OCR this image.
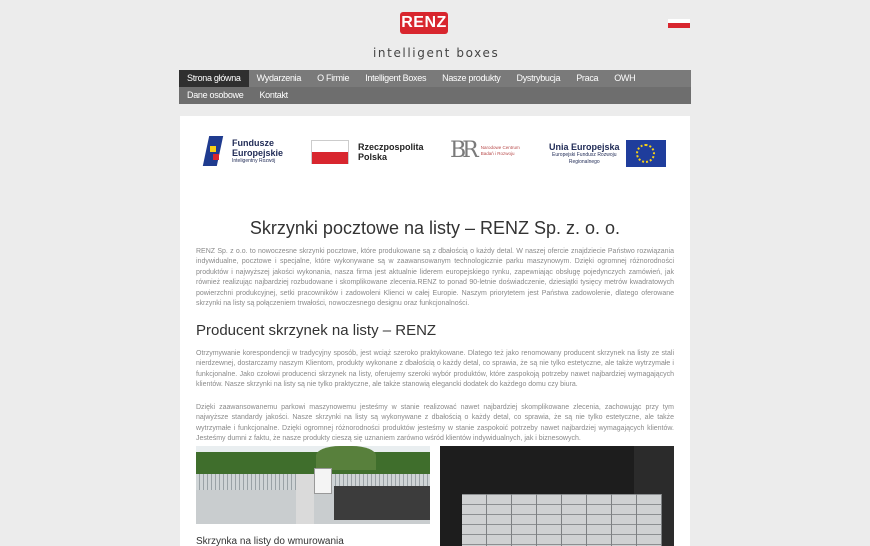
RENZ
intelligent boxes
Strona główna	Wydarzenia	O Firmie	Intelligent Boxes	Nasze produkty	Dystrybucja	Praca	OWH
Dane osobowe	Kontakt
Fundusze Europejskie
Inteligentny Rozwój
Rzeczpospolita Polska	BR Narodowe Centrum Badań i Rozwoju
Unia Europejska
Europejski Fundusz Rozwoju Regionalnego
Skrzynki pocztowe na listy – RENZ Sp. z. o. o.

RENZ Sp. z o.o. to nowoczesne skrzynki pocztowe, które produkowane są z dbałością o każdy detal. W naszej ofercie znajdziecie Państwo rozwiązania indywidualne, pocztowe i specjalne, które wykonywane są w zaawansowanym technologicznie parku maszynowym. Dzięki ogromnej różnorodności produktów i najwyższej jakości wykonania, nasza firma jest aktualnie liderem europejskiego rynku, zapewniając obsługę pojedynczych zamówień, jak również realizując najbardziej rozbudowane i skomplikowane zlecenia.RENZ to ponad 90-letnie doświadczenie, dziesiątki tysięcy metrów kwadratowych powierzchni produkcyjnej, setki pracowników i zadowoleni Klienci w całej Europie. Naszym priorytetem jest Państwa zadowolenie, dlatego oferowane skrzynki na listy są połączeniem trwałości, nowoczesnego designu oraz funkcjonalności.

Producent skrzynek na listy – RENZ

Otrzymywanie korespondencji w tradycyjny sposób, jest wciąż szeroko praktykowane. Dlatego też jako renomowany producent skrzynek na listy ze stali nierdzewnej, dostarczamy naszym Klientom, produkty wykonane z dbałością o każdy detal, co sprawia, że są nie tylko estetyczne, ale także wytrzymałe i funkcjonalne. Jako czołowi producenci skrzynek na listy, oferujemy szeroki wybór produktów, które zaspokoją potrzeby nawet najbardziej wymagających klientów. Nasze skrzynki na listy są nie tylko praktyczne, ale także stanowią elegancki dodatek do każdego domu czy biura.

Dzięki zaawansowanemu parkowi maszynowemu jesteśmy w stanie realizować nawet najbardziej skomplikowane zlecenia, zachowując przy tym najwyższe standardy jakości. Nasze skrzynki na listy są wykonywane z dbałością o każdy detal, co sprawia, że są nie tylko estetyczne, ale także wytrzymałe i funkcjonalne. Dzięki ogromnej różnorodności produktów jesteśmy w stanie zaspokoić potrzeby nawet najbardziej wymagających klientów. Jesteśmy dumni z faktu, że nasze produkty cieszą się uznaniem zarówno wśród klientów indywidualnych, jak i biznesowych.

Skrzynka na listy do wmurowania
